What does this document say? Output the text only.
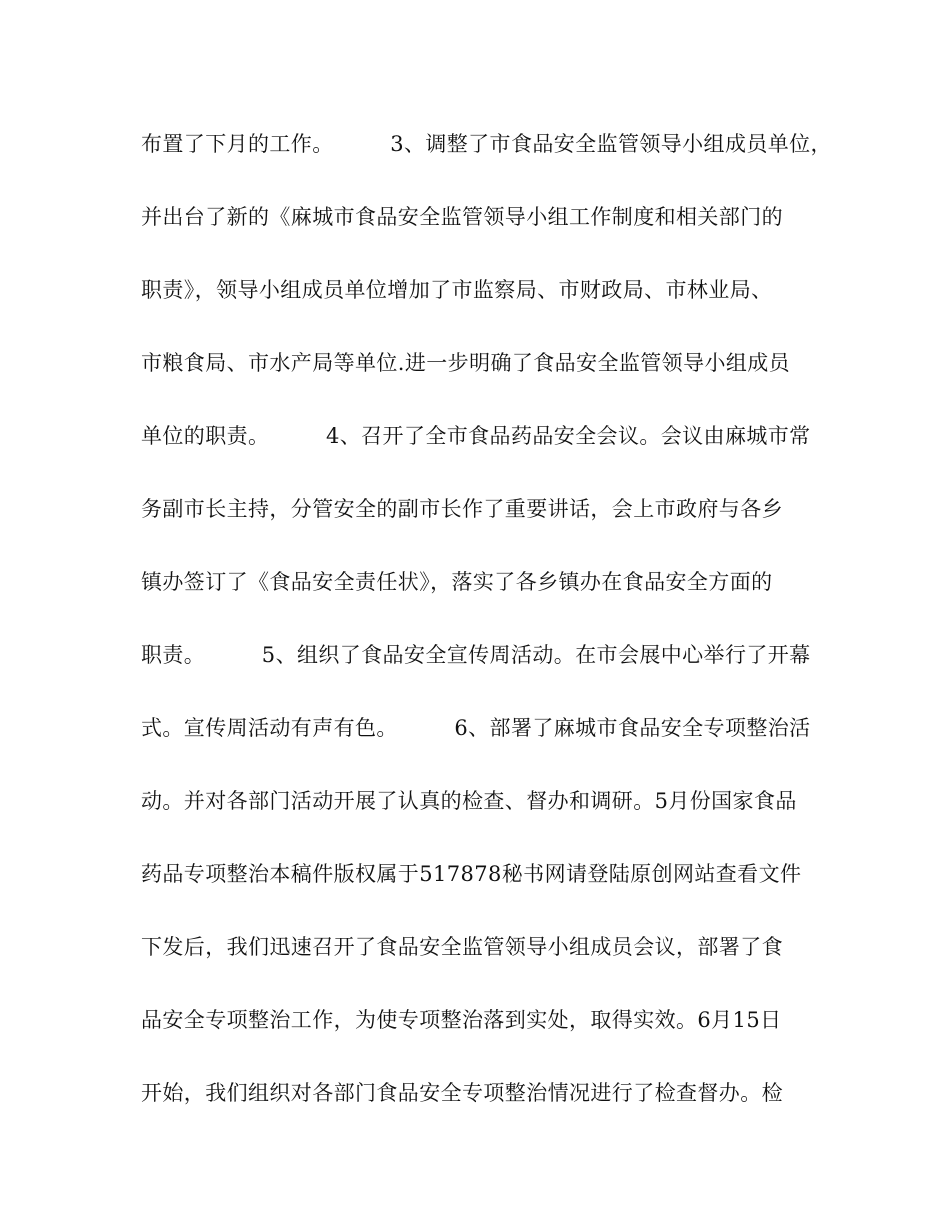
布置了下月的工作。        3、调整了市食品安全监管领导小组成员单位，
并出台了新的《麻城市食品安全监管领导小组工作制度和相关部门的
职责》，领导小组成员单位增加了市监察局、市财政局、市林业局、
市粮食局、市水产局等单位.进一步明确了食品安全监管领导小组成员
单位的职责。        4、召开了全市食品药品安全会议。会议由麻城市常
务副市长主持，分管安全的副市长作了重要讲话，会上市政府与各乡
镇办签订了《食品安全责任状》，落实了各乡镇办在食品安全方面的
职责。        5、组织了食品安全宣传周活动。在市会展中心举行了开幕
式。宣传周活动有声有色。        6、部署了麻城市食品安全专项整治活
动。并对各部门活动开展了认真的检查、督办和调研。5月份国家食品
药品专项整治本稿件版权属于517878秘书网请登陆原创网站查看文件
下发后，我们迅速召开了食品安全监管领导小组成员会议，部署了食
品安全专项整治工作，为使专项整治落到实处，取得实效。6月15日
开始，我们组织对各部门食品安全专项整治情况进行了检查督办。检
